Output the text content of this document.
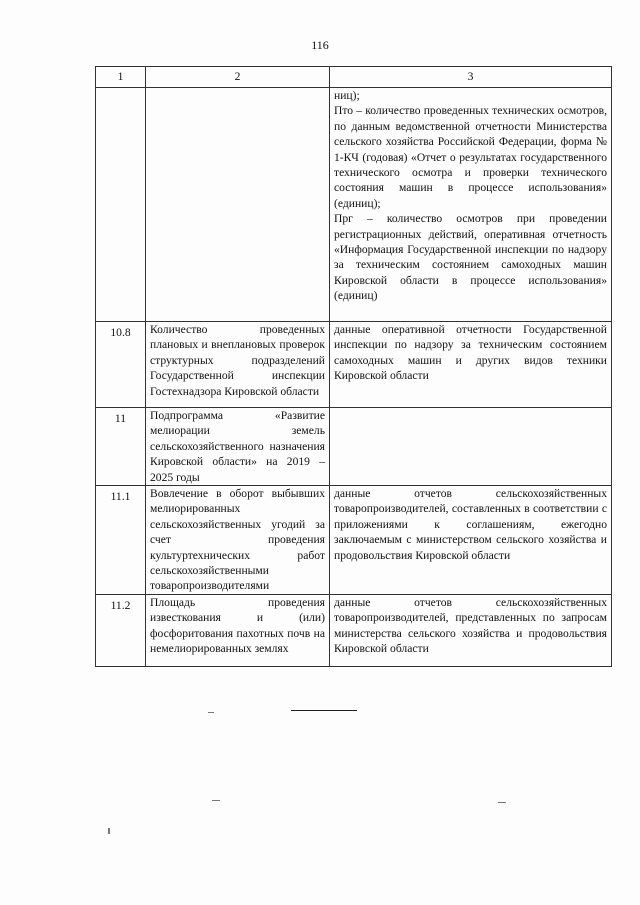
116
1	2	3

		ниц);
Пто – количество проведенных технических осмотров, по данным ведомственной отчетности Министерства сельского хозяйства Российской Федерации, форма № 1-КЧ (годовая) «Отчет о результатах государственного технического осмотра и проверки технического состояния машин в процессе использования» (единиц);
Прг – количество осмотров при проведении регистрационных действий, оперативная отчетность «Информация Государственной инспекции по надзору за техническим состоянием самоходных машин Кировской области в процессе использования» (единиц)

10.8	Количество проведенных плановых и внеплановых проверок структурных подразделений Государственной инспекции Гостехнадзора Кировской области	данные оперативной отчетности Государственной инспекции по надзору за техническим состоянием самоходных машин и других видов техники Кировской области

11	Подпрограмма «Развитие мелиорации земель сельскохозяйственного назначения Кировской области» на 2019 – 2025 годы	

11.1	Вовлечение в оборот выбывших мелиорированных сельскохозяйственных угодий за счет проведения культуртехнических работ сельскохозяйственными товаропроизводителями	данные отчетов сельскохозяйственных товаропроизводителей, составленных в соответствии с приложениями к соглашениям, ежегодно заключаемым с министерством сельского хозяйства и продовольствия Кировской области

11.2	Площадь проведения известкования и (или) фосфоритования пахотных почв на немелиорированных землях	данные отчетов сельскохозяйственных товаропроизводителей, представленных по запросам министерства сельского хозяйства и продовольствия Кировской области
